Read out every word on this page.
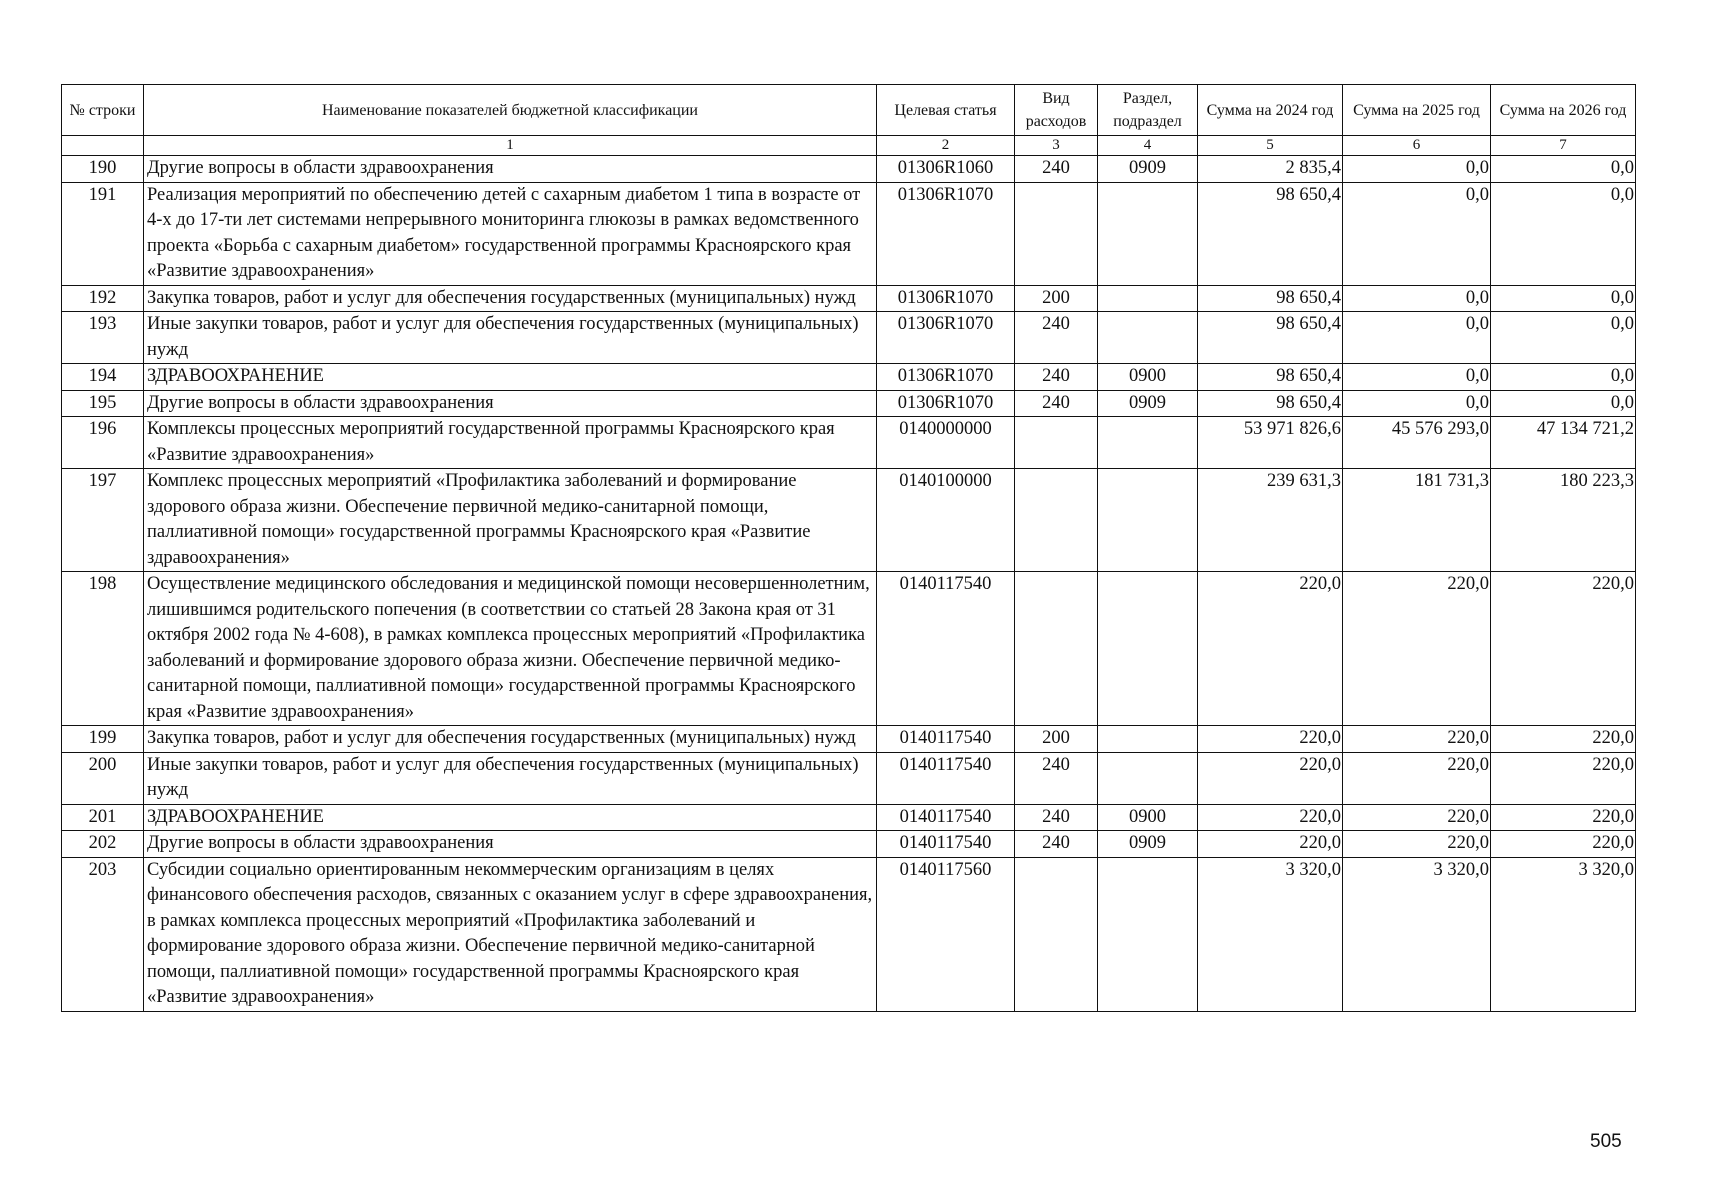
№ строки	Наименование показателей бюджетной классификации	Целевая статья	Вид расходов	Раздел, подраздел	Сумма на 2024 год	Сумма на 2025 год	Сумма на 2026 год
	1	2	3	4	5	6	7
190	Другие вопросы в области здравоохранения	01306R1060	240	0909	2 835,4	0,0	0,0
191	Реализация мероприятий по обеспечению детей с сахарным диабетом 1 типа в возрасте от 4-х до 17-ти лет системами непрерывного мониторинга глюкозы в рамках ведомственного проекта «Борьба с сахарным диабетом» государственной программы Красноярского края «Развитие здравоохранения»	01306R1070			98 650,4	0,0	0,0
192	Закупка товаров, работ и услуг для обеспечения государственных (муниципальных) нужд	01306R1070	200		98 650,4	0,0	0,0
193	Иные закупки товаров, работ и услуг для обеспечения государственных (муниципальных) нужд	01306R1070	240		98 650,4	0,0	0,0
194	ЗДРАВООХРАНЕНИЕ	01306R1070	240	0900	98 650,4	0,0	0,0
195	Другие вопросы в области здравоохранения	01306R1070	240	0909	98 650,4	0,0	0,0
196	Комплексы процессных мероприятий государственной программы Красноярского края «Развитие здравоохранения»	0140000000			53 971 826,6	45 576 293,0	47 134 721,2
197	Комплекс процессных мероприятий «Профилактика заболеваний и формирование здорового образа жизни. Обеспечение первичной медико-санитарной помощи, паллиативной помощи» государственной программы Красноярского края «Развитие здравоохранения»	0140100000			239 631,3	181 731,3	180 223,3
198	Осуществление медицинского обследования и медицинской помощи несовершеннолетним, лишившимся родительского попечения (в соответствии со статьей 28 Закона края от 31 октября 2002 года № 4-608), в рамках комплекса процессных мероприятий «Профилактика заболеваний и формирование здорового образа жизни. Обеспечение первичной медико-санитарной помощи, паллиативной помощи» государственной программы Красноярского края «Развитие здравоохранения»	0140117540			220,0	220,0	220,0
199	Закупка товаров, работ и услуг для обеспечения государственных (муниципальных) нужд	0140117540	200		220,0	220,0	220,0
200	Иные закупки товаров, работ и услуг для обеспечения государственных (муниципальных) нужд	0140117540	240		220,0	220,0	220,0
201	ЗДРАВООХРАНЕНИЕ	0140117540	240	0900	220,0	220,0	220,0
202	Другие вопросы в области здравоохранения	0140117540	240	0909	220,0	220,0	220,0
203	Субсидии социально ориентированным некоммерческим организациям в целях финансового обеспечения расходов, связанных с оказанием услуг в сфере здравоохранения, в рамках комплекса процессных мероприятий «Профилактика заболеваний и формирование здорового образа жизни. Обеспечение первичной медико-санитарной помощи, паллиативной помощи» государственной программы Красноярского края «Развитие здравоохранения»	0140117560			3 320,0	3 320,0	3 320,0
505
